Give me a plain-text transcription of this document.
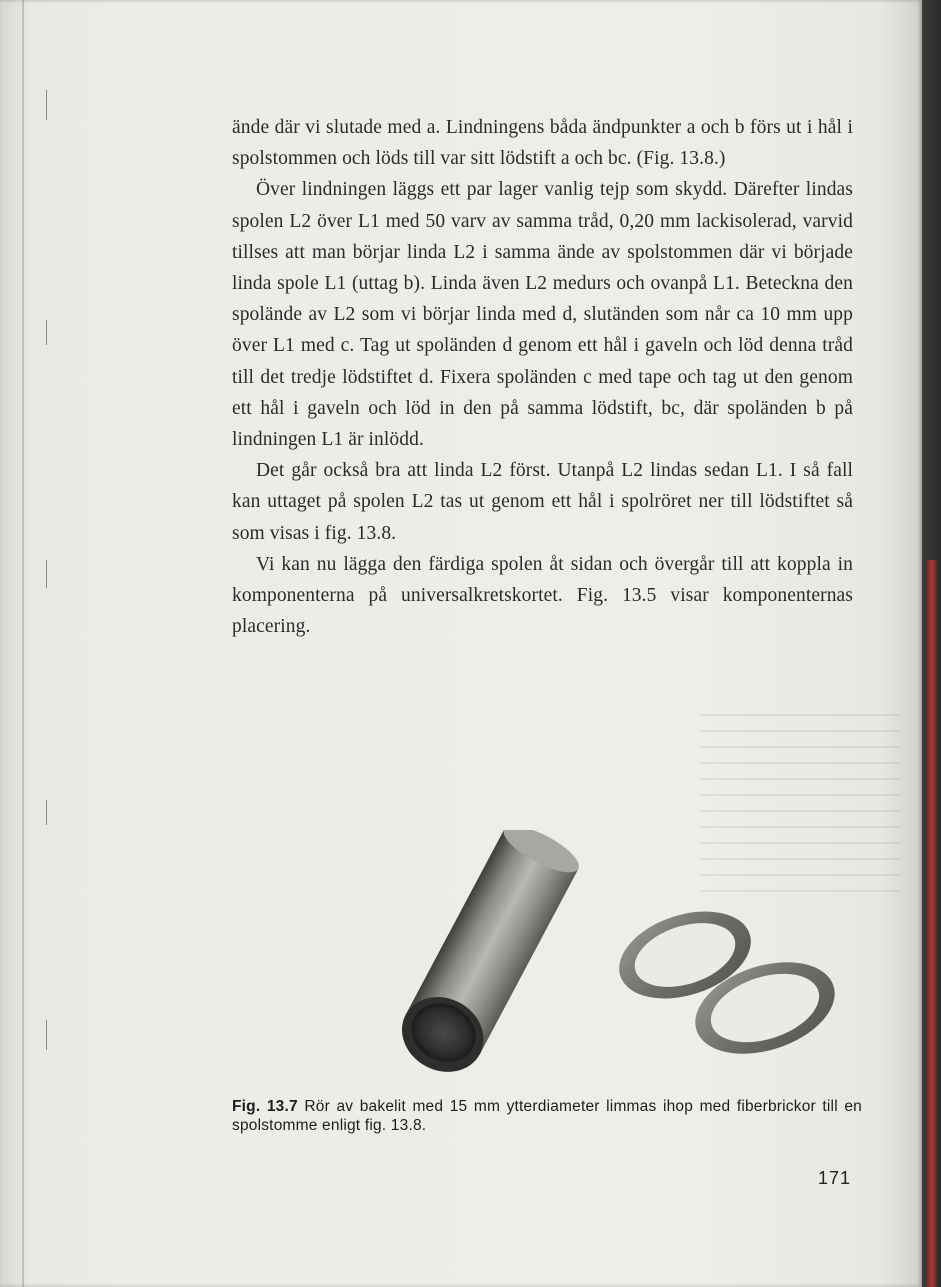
ände där vi slutade med a. Lindningens båda ändpunkter a och b förs ut i hål i spolstommen och löds till var sitt lödstift a och bc. (Fig. 13.8.)

Över lindningen läggs ett par lager vanlig tejp som skydd. Därefter lindas spolen L2 över L1 med 50 varv av samma tråd, 0,20 mm lackisolerad, varvid tillses att man börjar linda L2 i samma ände av spolstommen där vi började linda spole L1 (uttag b). Linda även L2 medurs och ovanpå L1. Beteckna den spolände av L2 som vi börjar linda med d, slutänden som når ca 10 mm upp över L1 med c. Tag ut spoländen d genom ett hål i gaveln och löd denna tråd till det tredje lödstiftet d. Fixera spoländen c med tape och tag ut den genom ett hål i gaveln och löd in den på samma lödstift, bc, där spoländen b på lindningen L1 är inlödd.

Det går också bra att linda L2 först. Utanpå L2 lindas sedan L1. I så fall kan uttaget på spolen L2 tas ut genom ett hål i spolröret ner till lödstiftet så som visas i fig. 13.8.

Vi kan nu lägga den färdiga spolen åt sidan och övergår till att koppla in komponenterna på universalkretskortet. Fig. 13.5 visar komponenternas placering.

Fig. 13.7 Rör av bakelit med 15 mm ytterdiameter limmas ihop med fiberbrickor till en spolstomme enligt fig. 13.8.
171
